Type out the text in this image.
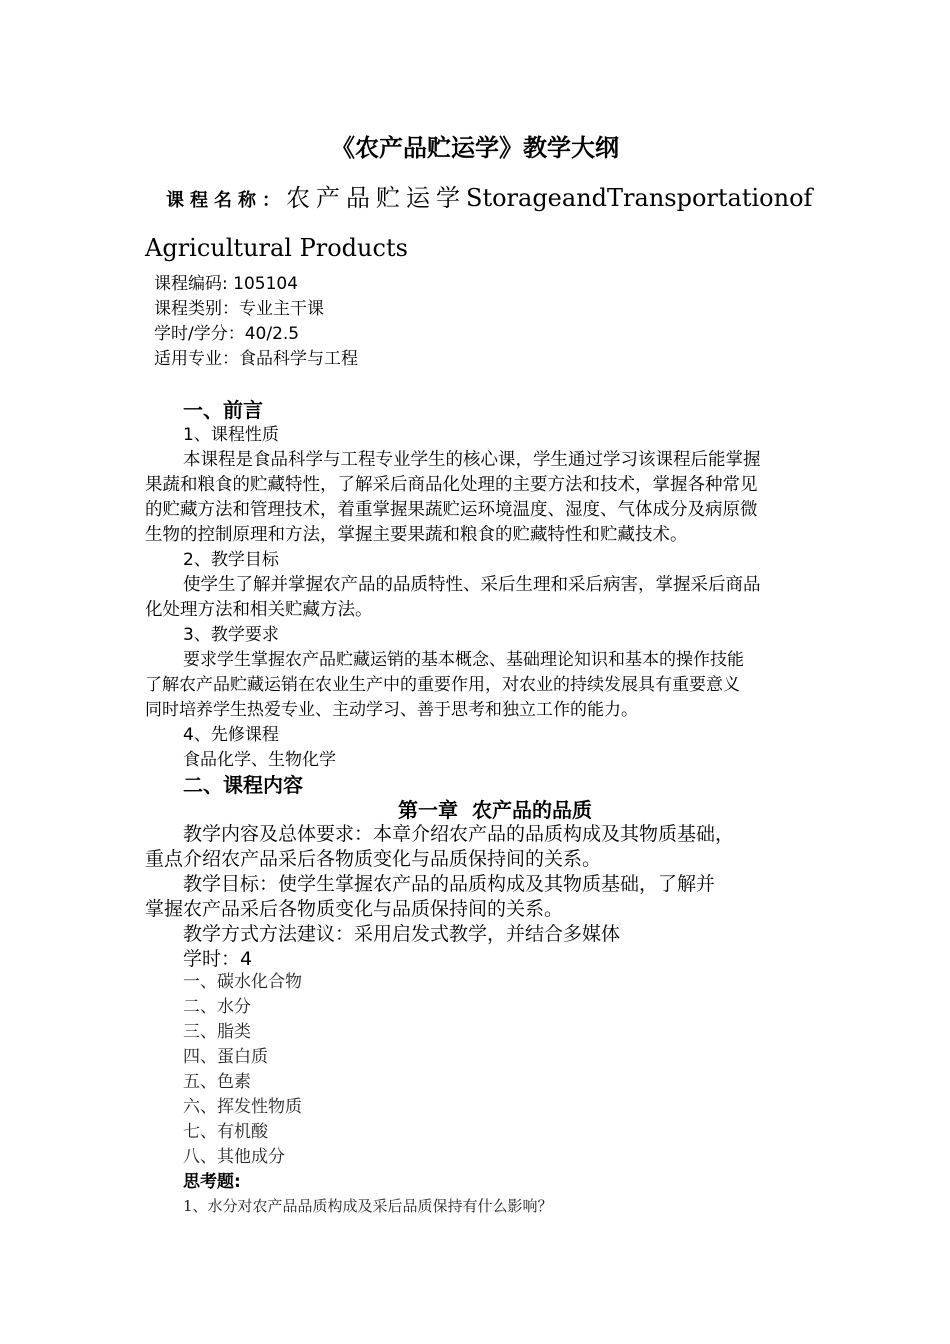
《农产品贮运学》教学大纲
课程名称： 农产品贮运学 Storage and Transportation of
Agricultural Products
课程编码: 105104
课程类别：专业主干课
学时/学分：40/2.5
适用专业：食品科学与工程
一、前言
1、课程性质
本课程是食品科学与工程专业学生的核心课，学生通过学习该课程后能掌握
果蔬和粮食的贮藏特性，了解采后商品化处理的主要方法和技术，掌握各种常见
的贮藏方法和管理技术，着重掌握果蔬贮运环境温度、湿度、气体成分及病原微
生物的控制原理和方法，掌握主要果蔬和粮食的贮藏特性和贮藏技术。
2、教学目标
使学生了解并掌握农产品的品质特性、采后生理和采后病害，掌握采后商品
化处理方法和相关贮藏方法。
3、教学要求
要求学生掌握农产品贮藏运销的基本概念、基础理论知识和基本的操作技能
了解农产品贮藏运销在农业生产中的重要作用，对农业的持续发展具有重要意义
同时培养学生热爱专业、主动学习、善于思考和独立工作的能力。
4、先修课程
食品化学、生物化学
二、课程内容
第一章  农产品的品质
教学内容及总体要求：本章介绍农产品的品质构成及其物质基础，
重点介绍农产品采后各物质变化与品质保持间的关系。
教学目标：使学生掌握农产品的品质构成及其物质基础，了解并
掌握农产品采后各物质变化与品质保持间的关系。
教学方式方法建议：采用启发式教学，并结合多媒体
学时：4
一、碳水化合物
二、水分
三、脂类
四、蛋白质
五、色素
六、挥发性物质
七、有机酸
八、其他成分
思考题:
1、水分对农产品品质构成及采后品质保持有什么影响？
